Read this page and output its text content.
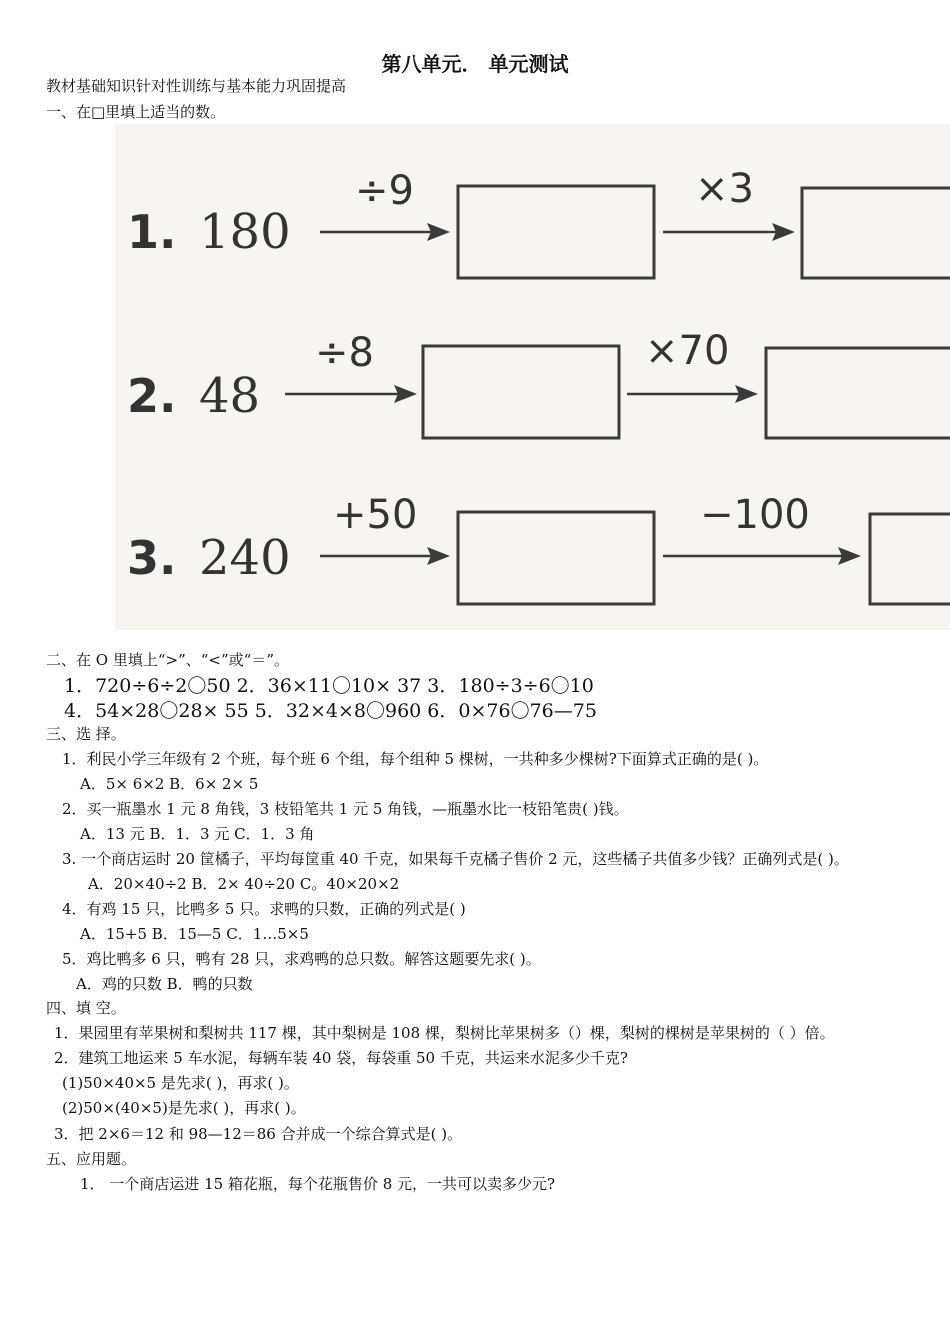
第八单元． 单元测试
教材基础知识针对性训练与基本能力巩固提高
一、在□里填上适当的数。
1. 180
÷9	×3
2. 48
÷8	×70
3. 240
+50	−100
二、在 O 里填上“>”、“<”或“＝”。
1．720÷6÷2〇50 2．36×11〇10× 37 3．180÷3÷6〇10
4．54×28〇28× 55 5．32×4×8〇960 6．0×76〇76—75
三、选 择。
1．利民小学三年级有 2 个班，每个班 6 个组，每个组种 5 棵树，一共种多少棵树?下面算式正确的是( )。
A．5× 6×2 B．6× 2× 5
2．买一瓶墨水 1 元 8 角钱，3 枝铅笔共 1 元 5 角钱，—瓶墨水比一枝铅笔贵( )钱。
A．13 元 B．1．3 元 C．1．3 角
3. 一个商店运时 20 筐橘子，平均每筐重 40 千克，如果每千克橘子售价 2 元，这些橘子共值多少钱？正确列式是( )。
A．20×40÷2 B．2× 40÷20 C。40×20×2
4．有鸡 15 只，比鸭多 5 只。求鸭的只数，正确的列式是( )
A．15+5 B．15—5 C．1…5×5
5．鸡比鸭多 6 只，鸭有 28 只，求鸡鸭的总只数。解答这题要先求( )。
A．鸡的只数 B．鸭的只数
四、填 空。
1．果园里有苹果树和梨树共 117 棵，其中梨树是 108 棵，梨树比苹果树多（）棵，梨树的棵树是苹果树的（ ）倍。
2．建筑工地运来 5 车水泥，每辆车装 40 袋，每袋重 50 千克，共运来水泥多少千克?
(1)50×40×5 是先求( )，再求( )。
(2)50×(40×5)是先求( )，再求( )。
3．把 2×6＝12 和 98—12＝86 合并成一个综合算式是( )。
五、应用题。
1． 一个商店运进 15 箱花瓶，每个花瓶售价 8 元，一共可以卖多少元?
